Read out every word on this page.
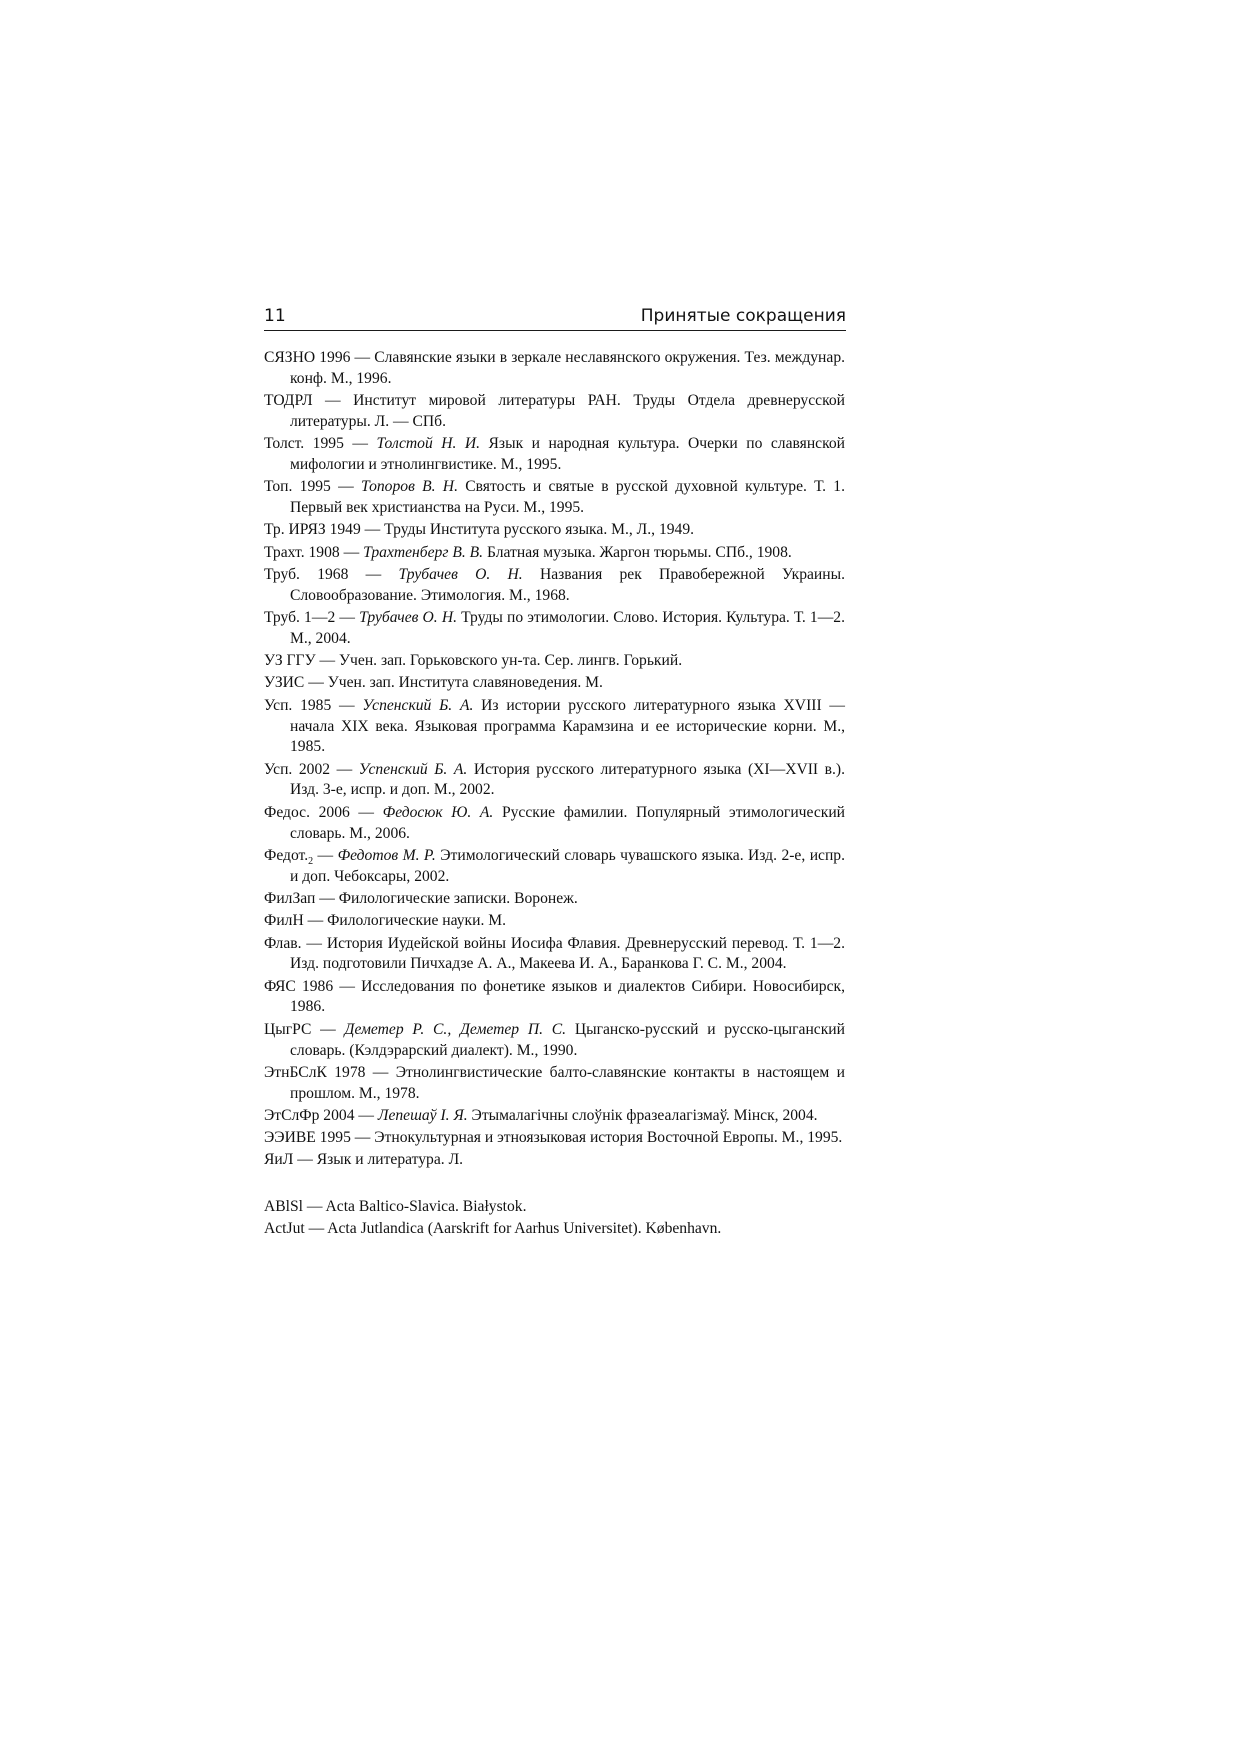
11	Принятые сокращения

СЯЗНО 1996 — Славянские языки в зеркале неславянского окружения. Тез. междунар. конф. М., 1996.

ТОДРЛ — Институт мировой литературы РАН. Труды Отдела древнерусской литературы. Л. — СПб.

Толст. 1995 — Толстой Н. И. Язык и народная культура. Очерки по славянской мифологии и этнолингвистике. М., 1995.

Топ. 1995 — Топоров В. Н. Святость и святые в русской духовной культуре. Т. 1. Первый век христианства на Руси. М., 1995.

Тр. ИРЯЗ 1949 — Труды Института русского языка. М., Л., 1949.

Трахт. 1908 — Трахтенберг В. В. Блатная музыка. Жаргон тюрьмы. СПб., 1908.

Труб. 1968 — Трубачев О. Н. Названия рек Правобережной Украины. Словообразование. Этимология. М., 1968.

Труб. 1—2 — Трубачев О. Н. Труды по этимологии. Слово. История. Культура. Т. 1—2. М., 2004.

УЗ ГГУ — Учен. зап. Горьковского ун-та. Сер. лингв. Горький.

УЗИС — Учен. зап. Института славяноведения. М.

Усп. 1985 — Успенский Б. А. Из истории русского литературного языка XVIII — начала XIX века. Языковая программа Карамзина и ее исторические корни. М., 1985.

Усп. 2002 — Успенский Б. А. История русского литературного языка (XI—XVII в.). Изд. 3-е, испр. и доп. М., 2002.

Федос. 2006 — Федосюк Ю. А. Русские фамилии. Популярный этимологический словарь. М., 2006.

$Федот._2$ — Федотов М. Р. Этимологический словарь чувашского языка. Изд. 2-е, испр. и доп. Чебоксары, 2002.

ФилЗап — Филологические записки. Воронеж.

ФилН — Филологические науки. М.

Флав. — История Иудейской войны Иосифа Флавия. Древнерусский перевод. Т. 1—2. Изд. подготовили Пичхадзе А. А., Макеева И. А., Баранкова Г. С. М., 2004.

ФЯС 1986 — Исследования по фонетике языков и диалектов Сибири. Новосибирск, 1986.

ЦыгРС — Деметер Р. С., Деметер П. С. Цыганско-русский и русско-цыганский словарь. (Кэлдэрарский диалект). М., 1990.

ЭтнБСлК 1978 — Этнолингвистические балто-славянские контакты в настоящем и прошлом. М., 1978.

ЭтСлФр 2004 — Лепешаў І. Я. Этымалагічны слоўнік фразеалагізмаў. Мінск, 2004.

ЭЭИВЕ 1995 — Этнокультурная и этноязыковая история Восточной Европы. М., 1995.

ЯиЛ — Язык и литература. Л.

ABlSl — Acta Baltico-Slavica. Białystok.

ActJut — Acta Jutlandica (Aarskrift for Aarhus Universitet). København.
